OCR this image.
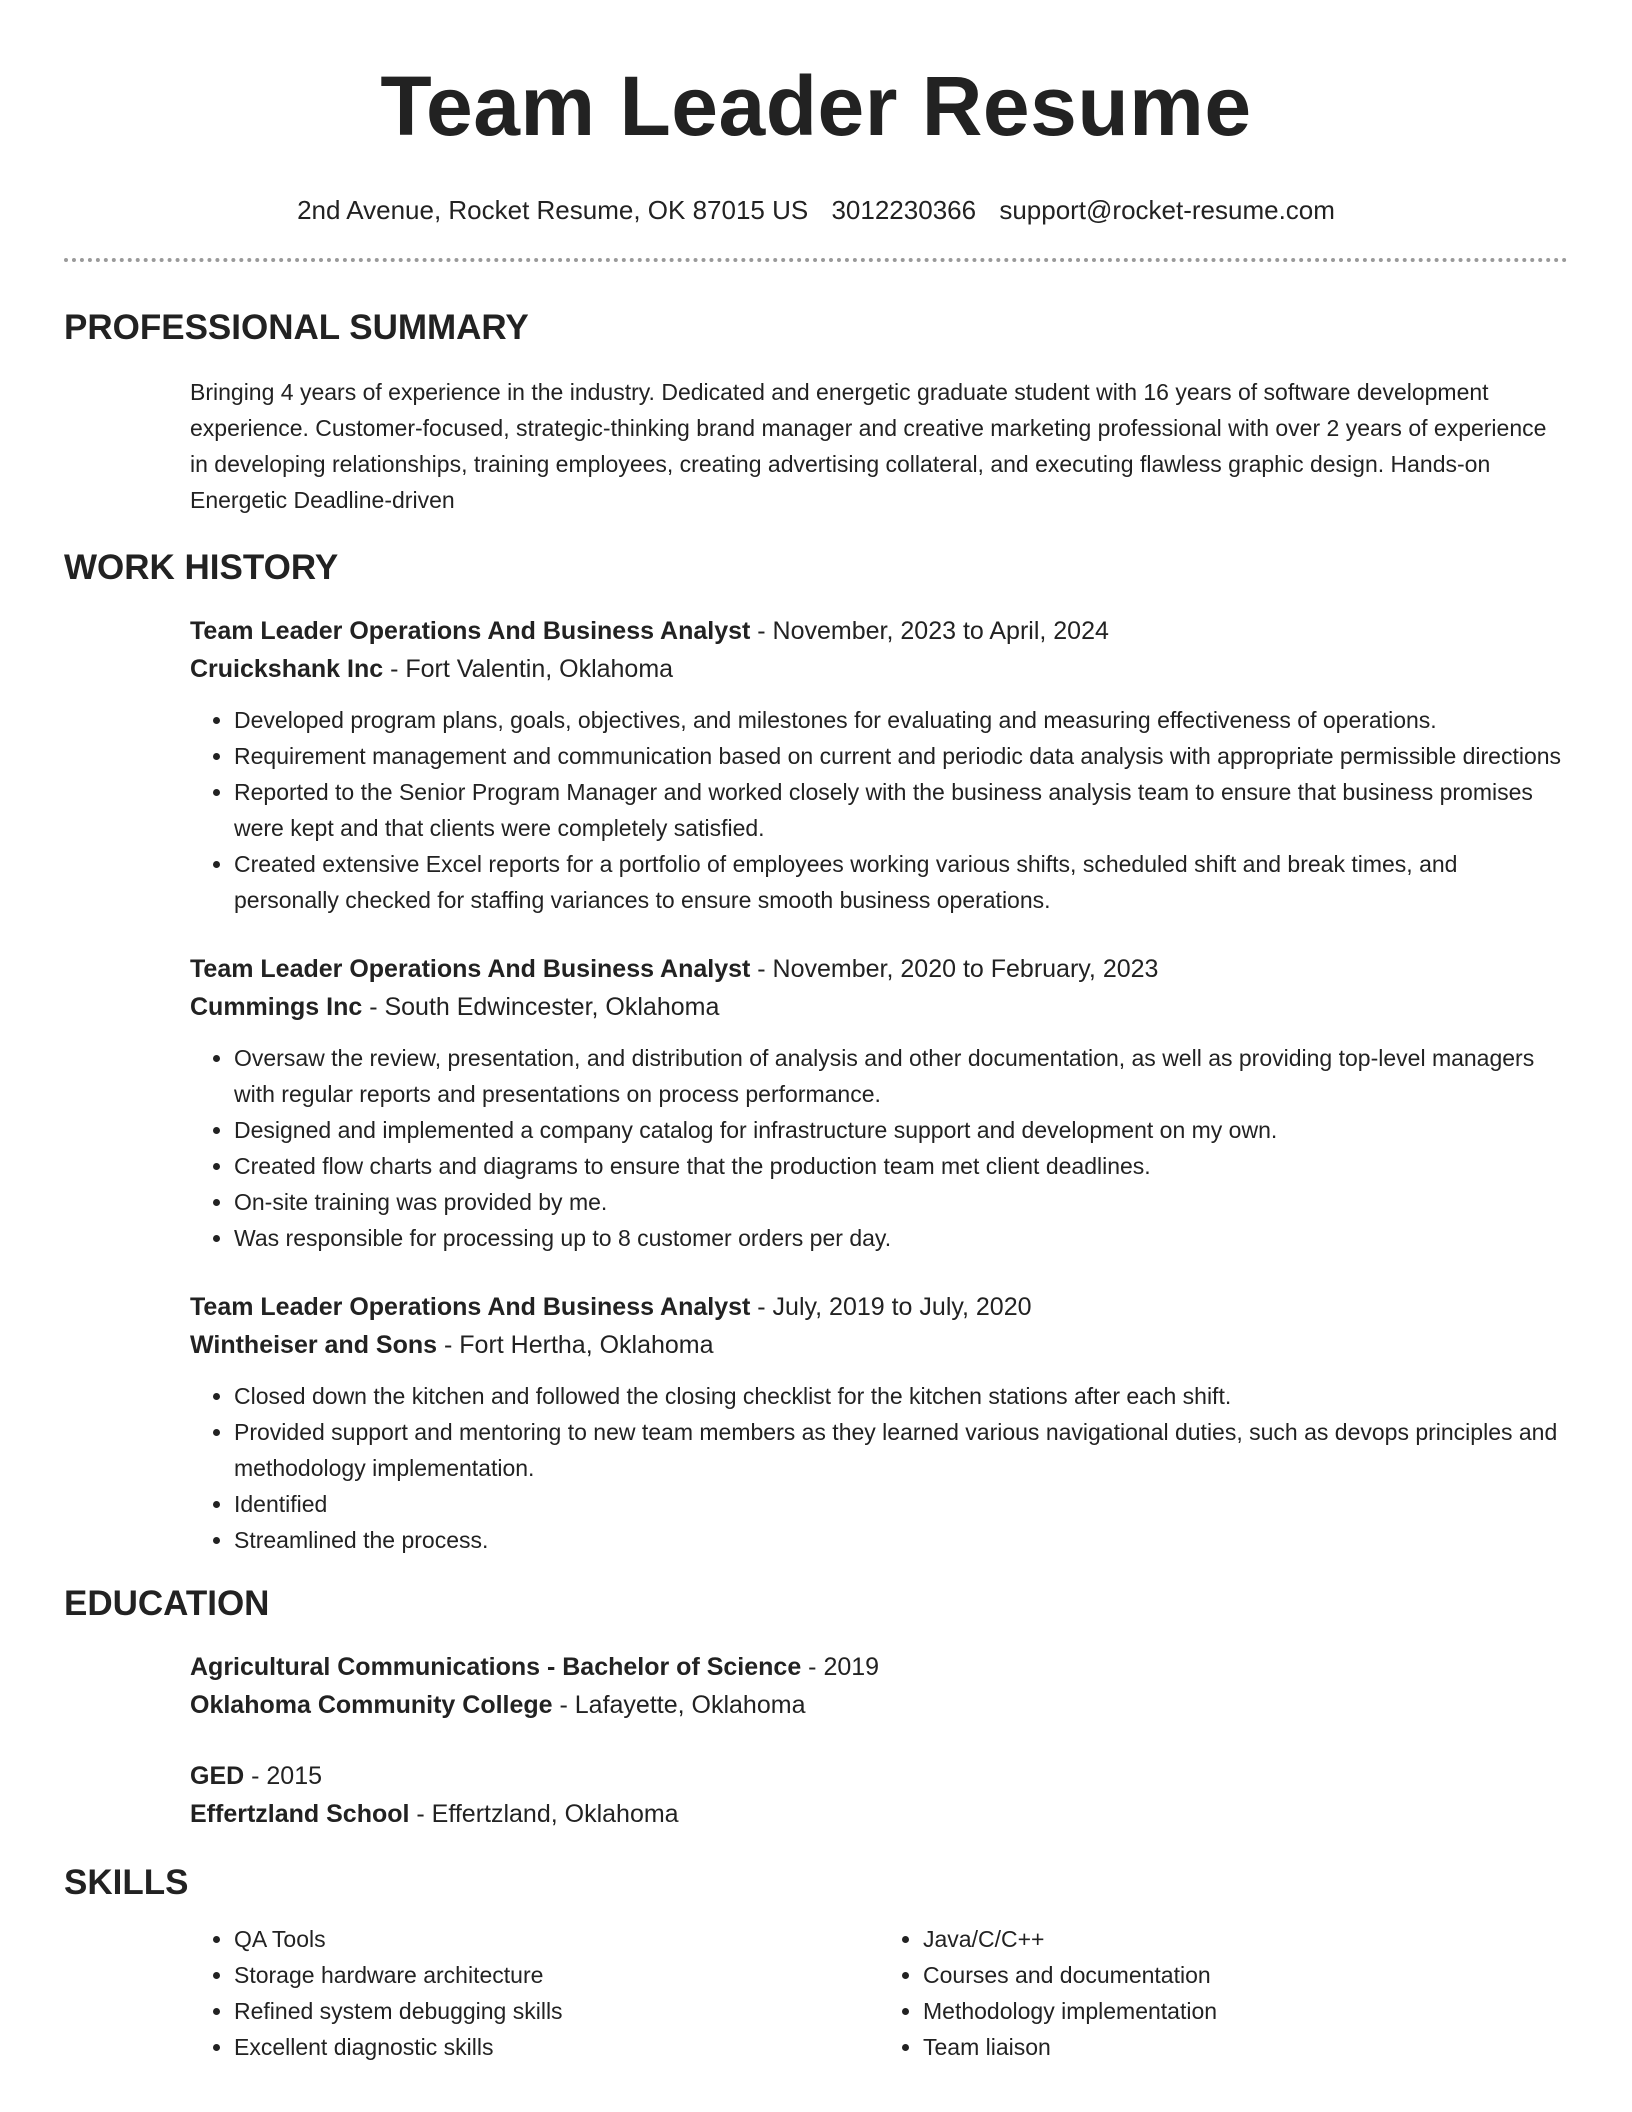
Team Leader Resume
2nd Avenue, Rocket Resume, OK 87015 US 3012230366 support@rocket-resume.com
PROFESSIONAL SUMMARY
Bringing 4 years of experience in the industry. Dedicated and energetic graduate student with 16 years of software development experience. Customer-focused, strategic-thinking brand manager and creative marketing professional with over 2 years of experience in developing relationships, training employees, creating advertising collateral, and executing flawless graphic design. Hands-on Energetic Deadline-driven
WORK HISTORY
Team Leader Operations And Business Analyst - November, 2023 to April, 2024
Cruickshank Inc - Fort Valentin, Oklahoma
• Developed program plans, goals, objectives, and milestones for evaluating and measuring effectiveness of operations.
• Requirement management and communication based on current and periodic data analysis with appropriate permissible directions
• Reported to the Senior Program Manager and worked closely with the business analysis team to ensure that business promises were kept and that clients were completely satisfied.
• Created extensive Excel reports for a portfolio of employees working various shifts, scheduled shift and break times, and personally checked for staffing variances to ensure smooth business operations.
Team Leader Operations And Business Analyst - November, 2020 to February, 2023
Cummings Inc - South Edwincester, Oklahoma
• Oversaw the review, presentation, and distribution of analysis and other documentation, as well as providing top-level managers with regular reports and presentations on process performance.
• Designed and implemented a company catalog for infrastructure support and development on my own.
• Created flow charts and diagrams to ensure that the production team met client deadlines.
• On-site training was provided by me.
• Was responsible for processing up to 8 customer orders per day.
Team Leader Operations And Business Analyst - July, 2019 to July, 2020
Wintheiser and Sons - Fort Hertha, Oklahoma
• Closed down the kitchen and followed the closing checklist for the kitchen stations after each shift.
• Provided support and mentoring to new team members as they learned various navigational duties, such as devops principles and methodology implementation.
• Identified
• Streamlined the process.
EDUCATION
Agricultural Communications - Bachelor of Science - 2019
Oklahoma Community College - Lafayette, Oklahoma
GED - 2015
Effertzland School - Effertzland, Oklahoma
SKILLS
• QA Tools
• Storage hardware architecture
• Refined system debugging skills
• Excellent diagnostic skills
• Java/C/C++
• Courses and documentation
• Methodology implementation
• Team liaison
